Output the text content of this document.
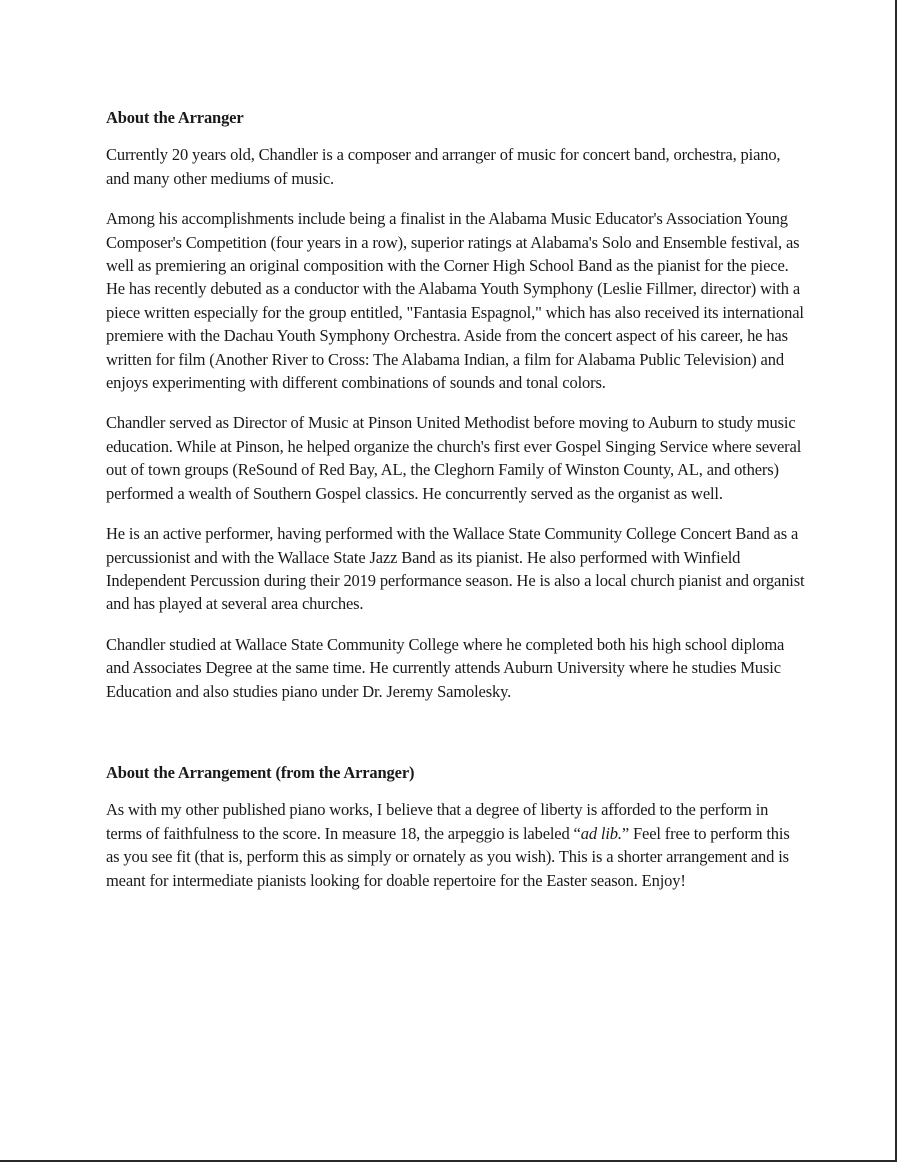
About the Arranger

Currently 20 years old, Chandler is a composer and arranger of music for concert band, orchestra, piano, and many other mediums of music.

Among his accomplishments include being a finalist in the Alabama Music Educator's Association Young Composer's Competition (four years in a row), superior ratings at Alabama's Solo and Ensemble festival, as well as premiering an original composition with the Corner High School Band as the pianist for the piece. He has recently debuted as a conductor with the Alabama Youth Symphony (Leslie Fillmer, director) with a piece written especially for the group entitled, "Fantasia Espagnol," which has also received its international premiere with the Dachau Youth Symphony Orchestra. Aside from the concert aspect of his career, he has written for film (Another River to Cross: The Alabama Indian, a film for Alabama Public Television) and enjoys experimenting with different combinations of sounds and tonal colors.

Chandler served as Director of Music at Pinson United Methodist before moving to Auburn to study music education. While at Pinson, he helped organize the church's first ever Gospel Singing Service where several out of town groups (ReSound of Red Bay, AL, the Cleghorn Family of Winston County, AL, and others) performed a wealth of Southern Gospel classics. He concurrently served as the organist as well.

He is an active performer, having performed with the Wallace State Community College Concert Band as a percussionist and with the Wallace State Jazz Band as its pianist. He also performed with Winfield Independent Percussion during their 2019 performance season. He is also a local church pianist and organist and has played at several area churches.

Chandler studied at Wallace State Community College where he completed both his high school diploma and Associates Degree at the same time. He currently attends Auburn University where he studies Music Education and also studies piano under Dr. Jeremy Samolesky.

About the Arrangement (from the Arranger)

As with my other published piano works, I believe that a degree of liberty is afforded to the perform in terms of faithfulness to the score. In measure 18, the arpeggio is labeled “ad lib.” Feel free to perform this as you see fit (that is, perform this as simply or ornately as you wish). This is a shorter arrangement and is meant for intermediate pianists looking for doable repertoire for the Easter season. Enjoy!
